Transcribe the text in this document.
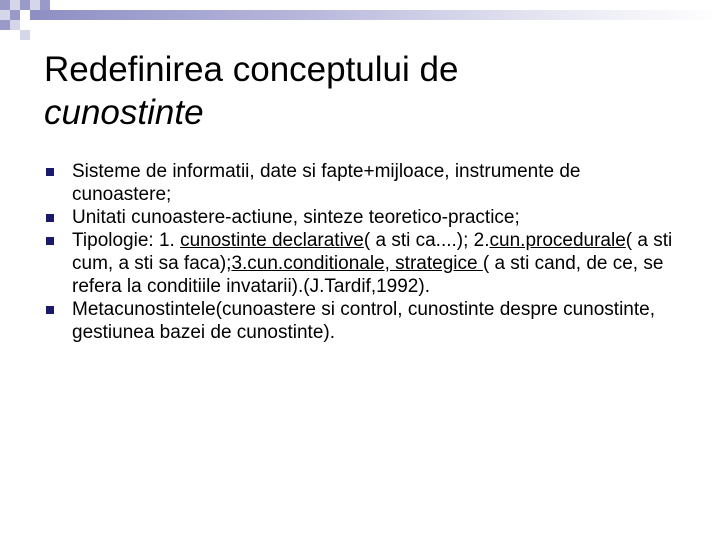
Redefinirea conceptului de
cunostinte
Sisteme de informatii, date si fapte+mijloace, instrumente de cunoastere;
Unitati cunoastere-actiune, sinteze teoretico-practice;
Tipologie: 1. cunostinte declarative( a sti ca....); 2.cun.procedurale( a sti cum, a sti sa faca);3.cun.conditionale, strategice ( a sti cand, de ce, se refera la conditiile invatarii).(J.Tardif,1992).
Metacunostintele(cunoastere si control, cunostinte despre cunostinte, gestiunea bazei de cunostinte).
